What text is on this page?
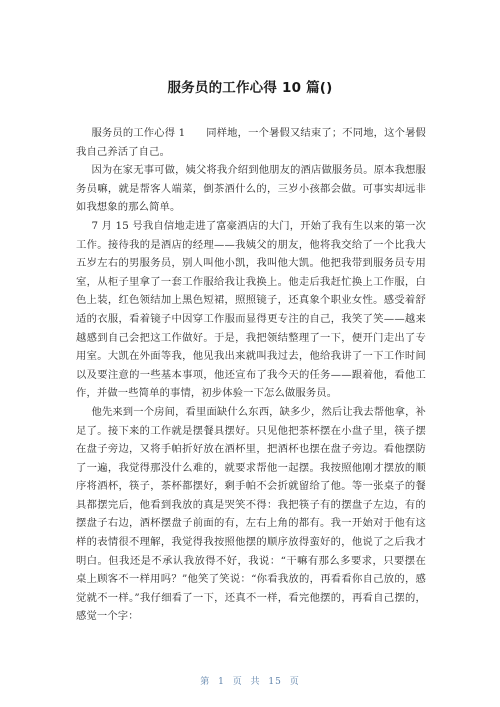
服务员的工作心得 10 篇()

服务员的工作心得 1　　同样地，一个暑假又结束了；不同地，这个暑假我自己养活了自己。

因为在家无事可做，姨父将我介绍到他朋友的酒店做服务员。原本我想服务员嘛，就是帮客人端菜，倒茶酒什么的，三岁小孩都会做。可事实却远非如我想象的那么简单。

7 月 15 号我自信地走进了富豪酒店的大门，开始了我有生以来的第一次工作。接待我的是酒店的经理——我姨父的朋友，他将我交给了一个比我大五岁左右的男服务员，别人叫他小凯，我叫他大凯。他把我带到服务员专用室，从柜子里拿了一套工作服给我让我换上。他走后我赶忙换上工作服，白色上装，红色领结加上黑色短裙，照照镜子，还真象个职业女性。感受着舒适的衣服，看着镜子中因穿工作服而显得更专注的自己，我笑了笑——越来越感到自己会把这工作做好。于是，我把领结整理了一下，便开门走出了专用室。大凯在外面等我，他见我出来就叫我过去，他给我讲了一下工作时间以及要注意的一些基本事项，他还宣布了我今天的任务——跟着他，看他工作，并做一些简单的事情，初步体验一下怎么做服务员。

他先来到一个房间，看里面缺什么东西，缺多少，然后让我去帮他拿，补足了。接下来的工作就是摆餐具摆好。只见他把茶杯摆在小盘子里，筷子摆在盘子旁边，又将手帕折好放在酒杯里，把酒杯也摆在盘子旁边。看他摆防了一遍，我觉得那没什么难的，就要求帮他一起摆。我按照他刚才摆放的顺序将酒杯，筷子，茶杯都摆好，剩手帕不会折就留给了他。等一张桌子的餐具都摆完后，他看到我放的真是哭笑不得：我把筷子有的摆盘子左边，有的摆盘子右边，酒杯摆盘子前面的有，左右上角的都有。我一开始对于他有这样的表情很不理解，我觉得我按照他摆的顺序放得蛮好的，他说了之后我才明白。但我还是不承认我放得不好，我说：“干嘛有那么多要求，只要摆在桌上顾客不一样用吗？”他笑了笑说：“你看我放的，再看看你自己放的，感觉就不一样。”我仔细看了一下，还真不一样，看完他摆的，再看自己摆的，感觉一个字：

第 1 页 共 15 页
